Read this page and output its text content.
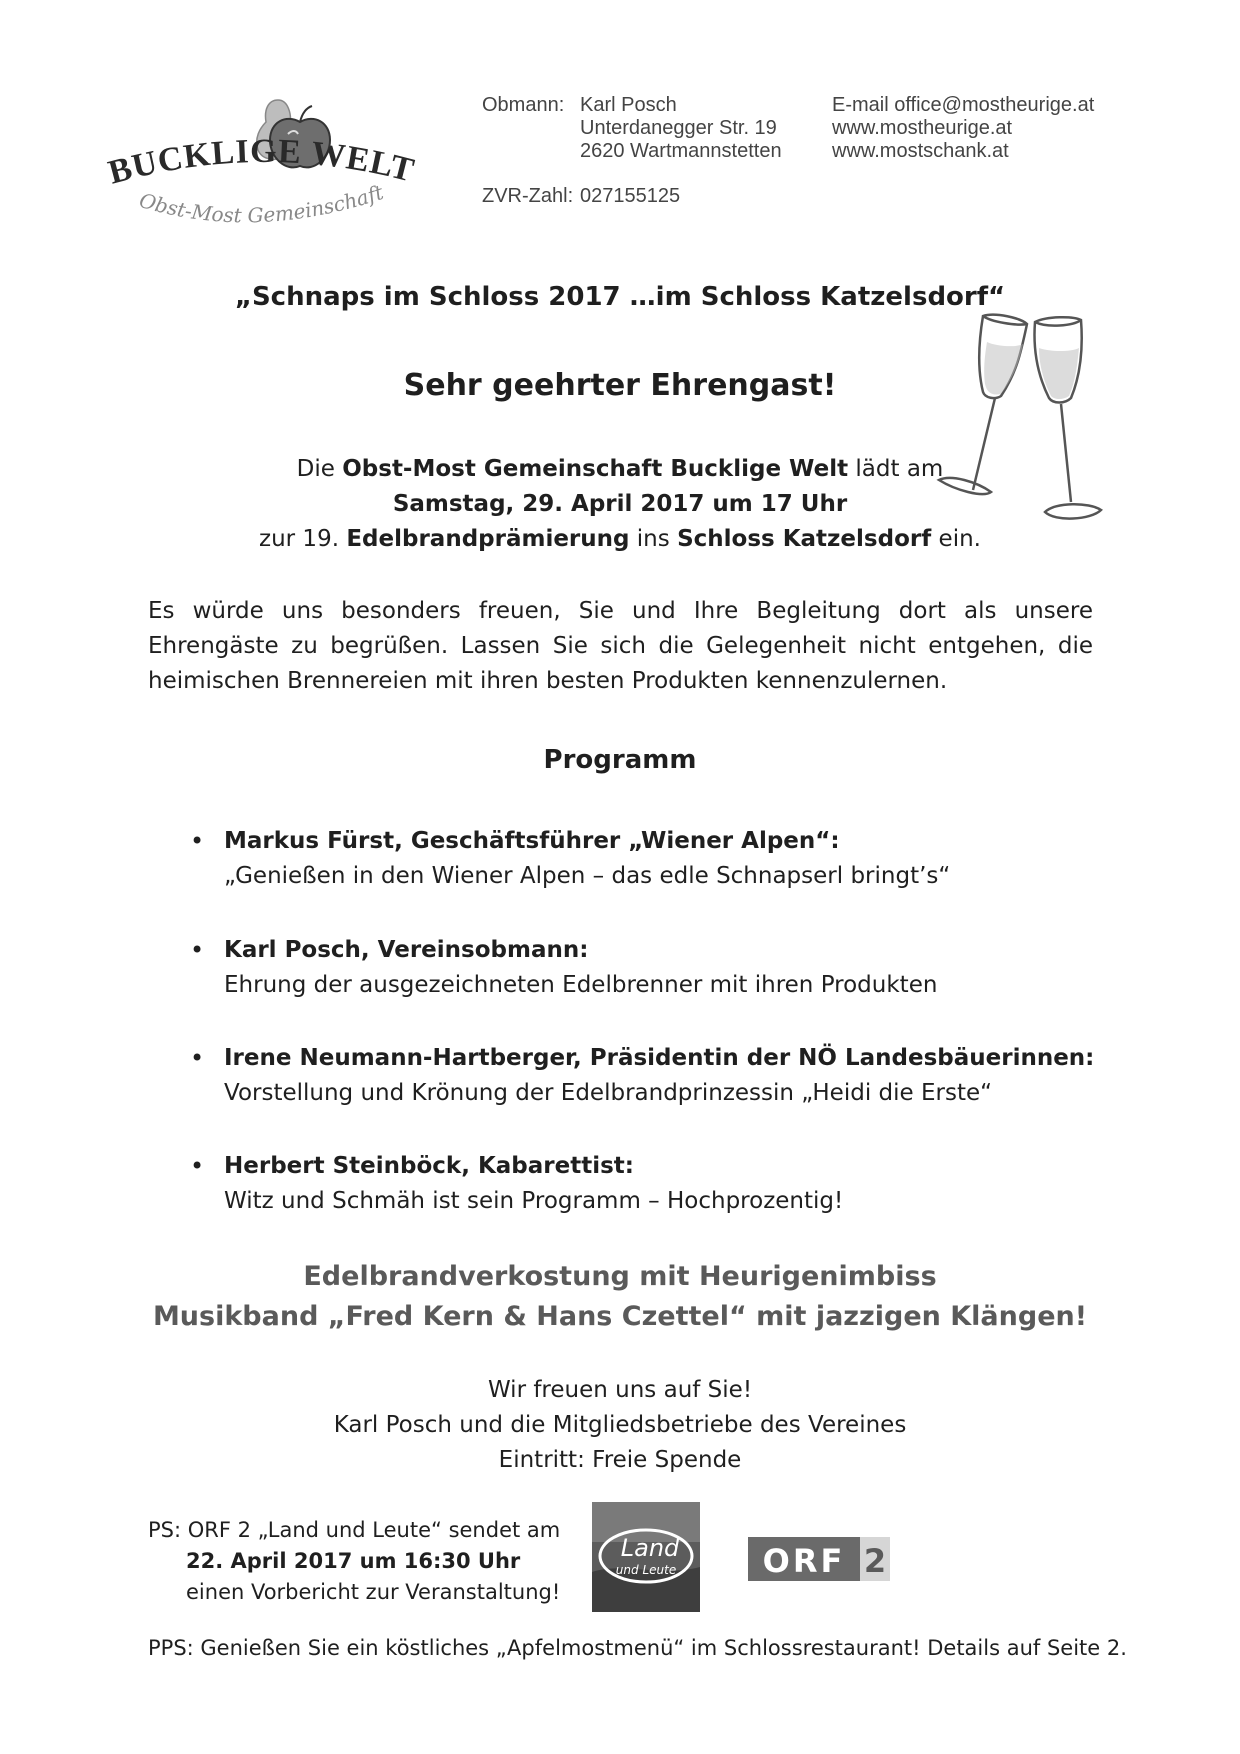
BUCKLIGE WELT
Obst-Most Gemeinschaft
Obmann: Karl Posch
Unterdanegger Str. 19
2620 Wartmannstetten
E-mail office@mostheurige.at
www.mostheurige.at
www.mostschank.at
ZVR-Zahl: 027155125
„Schnaps im Schloss 2017 …im Schloss Katzelsdorf“
Sehr geehrter Ehrengast!
Die Obst-Most Gemeinschaft Bucklige Welt lädt am
Samstag, 29. April 2017 um 17 Uhr
zur 19. Edelbrandprämierung ins Schloss Katzelsdorf ein.
Es würde uns besonders freuen, Sie und Ihre Begleitung dort als unsere Ehrengäste zu begrüßen. Lassen Sie sich die Gelegenheit nicht entgehen, die heimischen Brennereien mit ihren besten Produkten kennenzulernen.
Programm
• Markus Fürst, Geschäftsführer „Wiener Alpen“:
„Genießen in den Wiener Alpen – das edle Schnapserl bringt’s“
• Karl Posch, Vereinsobmann:
Ehrung der ausgezeichneten Edelbrenner mit ihren Produkten
• Irene Neumann-Hartberger, Präsidentin der NÖ Landesbäuerinnen:
Vorstellung und Krönung der Edelbrandprinzessin „Heidi die Erste“
• Herbert Steinböck, Kabarettist:
Witz und Schmäh ist sein Programm – Hochprozentig!
Edelbrandverkostung mit Heurigenimbiss
Musikband „Fred Kern & Hans Czettel“ mit jazzigen Klängen!
Wir freuen uns auf Sie!
Karl Posch und die Mitgliedsbetriebe des Vereines
Eintritt: Freie Spende
PS: ORF 2 „Land und Leute“ sendet am
22. April 2017 um 16:30 Uhr
einen Vorbericht zur Veranstaltung!
Land
und Leute	ORF 2
PPS: Genießen Sie ein köstliches „Apfelmostmenü“ im Schlossrestaurant! Details auf Seite 2.
